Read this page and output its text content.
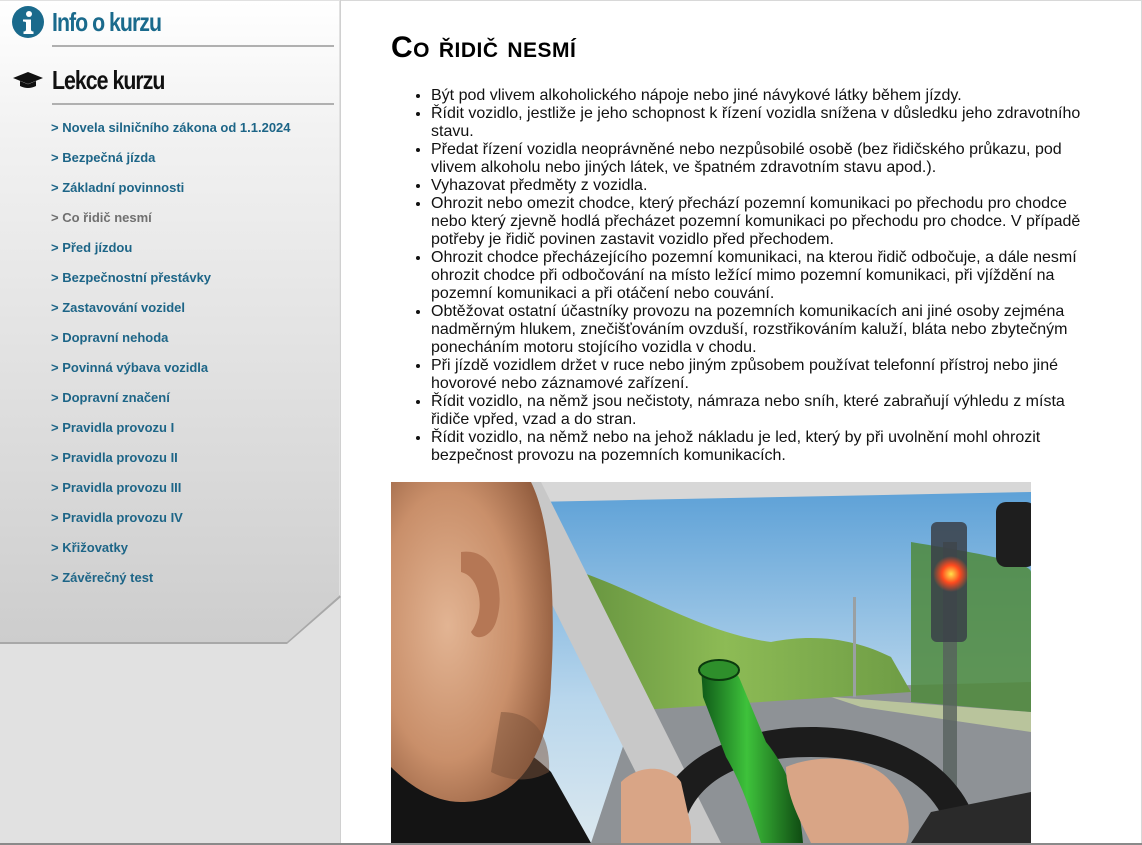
Info o kurzu
Lekce kurzu
> Novela silničního zákona od 1.1.2024
> Bezpečná jízda
> Základní povinnosti
> Co řidič nesmí
> Před jízdou
> Bezpečnostní přestávky
> Zastavování vozidel
> Dopravní nehoda
> Povinná výbava vozidla
> Dopravní značení
> Pravidla provozu I
> Pravidla provozu II
> Pravidla provozu III
> Pravidla provozu IV
> Křižovatky
> Závěrečný test
Co řidič nesmí
• Být pod vlivem alkoholického nápoje nebo jiné návykové látky během jízdy.
• Řídit vozidlo, jestliže je jeho schopnost k řízení vozidla snížena v důsledku jeho zdravotního stavu.
• Předat řízení vozidla neoprávněné nebo nezpůsobilé osobě (bez řidičského průkazu, pod vlivem alkoholu nebo jiných látek, ve špatném zdravotním stavu apod.).
• Vyhazovat předměty z vozidla.
• Ohrozit nebo omezit chodce, který přechází pozemní komunikaci po přechodu pro chodce nebo který zjevně hodlá přecházet pozemní komunikaci po přechodu pro chodce. V případě potřeby je řidič povinen zastavit vozidlo před přechodem.
• Ohrozit chodce přecházejícího pozemní komunikaci, na kterou řidič odbočuje, a dále nesmí ohrozit chodce při odbočování na místo ležící mimo pozemní komunikaci, při vjíždění na pozemní komunikaci a při otáčení nebo couvání.
• Obtěžovat ostatní účastníky provozu na pozemních komunikacích ani jiné osoby zejména nadměrným hlukem, znečišťováním ovzduší, rozstřikováním kaluží, bláta nebo zbytečným ponecháním motoru stojícího vozidla v chodu.
• Při jízdě vozidlem držet v ruce nebo jiným způsobem používat telefonní přístroj nebo jiné hovorové nebo záznamové zařízení.
• Řídit vozidlo, na němž jsou nečistoty, námraza nebo sníh, které zabraňují výhledu z místa řidiče vpřed, vzad a do stran.
• Řídit vozidlo, na němž nebo na jehož nákladu je led, který by při uvolnění mohl ohrozit bezpečnost provozu na pozemních komunikacích.
